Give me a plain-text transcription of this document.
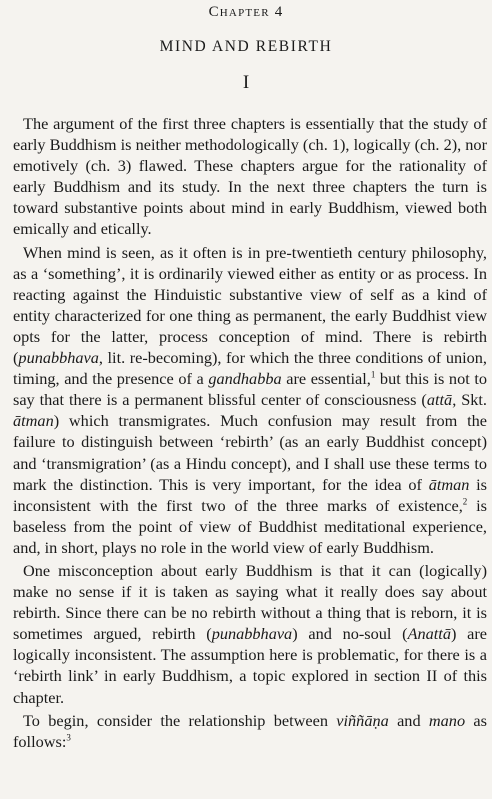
Chapter 4
MIND AND REBIRTH
I

The argument of the first three chapters is essentially that the study of early Buddhism is neither methodologically (ch. 1), logically (ch. 2), nor emotively (ch. 3) flawed. These chapters argue for the rationality of early Buddhism and its study. In the next three chapters the turn is toward substantive points about mind in early Buddhism, viewed both emically and etically.

When mind is seen, as it often is in pre-twentieth century philosophy, as a ‘something’, it is ordinarily viewed either as entity or as process. In reacting against the Hinduistic substantive view of self as a kind of entity characterized for one thing as permanent, the early Buddhist view opts for the latter, process conception of mind. There is rebirth (punabbhava, lit. re-becoming), for which the three conditions of union, timing, and the presence of a gandhabba are essential,$^1$ but this is not to say that there is a permanent blissful center of consciousness (attā, Skt. ātman) which transmigrates. Much confusion may result from the failure to distinguish between ‘rebirth’ (as an early Buddhist concept) and ‘transmigration’ (as a Hindu concept), and I shall use these terms to mark the distinction. This is very important, for the idea of ātman is inconsistent with the first two of the three marks of existence,$^2$ is baseless from the point of view of Buddhist meditational experience, and, in short, plays no role in the world view of early Buddhism.

One misconception about early Buddhism is that it can (logically) make no sense if it is taken as saying what it really does say about rebirth. Since there can be no rebirth without a thing that is reborn, it is sometimes argued, rebirth (punabbhava) and no-soul (Anattā) are logically inconsistent. The assumption here is problematic, for there is a ‘rebirth link’ in early Buddhism, a topic explored in section II of this chapter.

To begin, consider the relationship between viññāṇa and mano as follows:$^3$
